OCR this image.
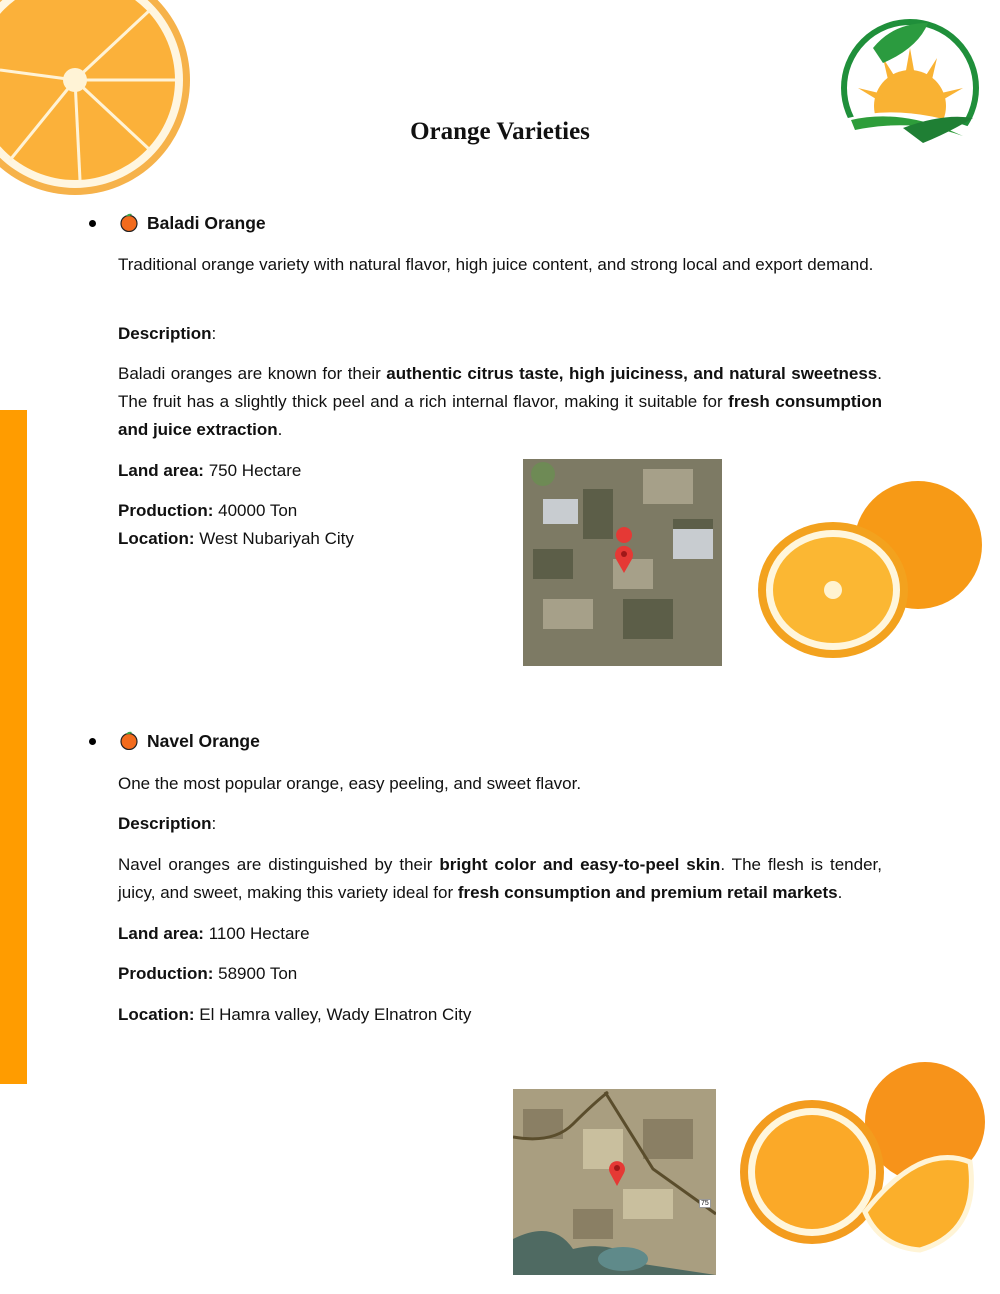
Orange Varieties
Baladi Orange
Traditional orange variety with natural flavor, high juice content, and strong local and export demand.
Description:
Baladi oranges are known for their authentic citrus taste, high juiciness, and natural sweetness. The fruit has a slightly thick peel and a rich internal flavor, making it suitable for fresh consumption and juice extraction.
Land area: 750 Hectare
Production: 40000 Ton
Location: West Nubariyah City
Navel Orange
One the most popular orange, easy peeling, and sweet flavor.
Description:
Navel oranges are distinguished by their bright color and easy-to-peel skin. The flesh is tender, juicy, and sweet, making this variety ideal for fresh consumption and premium retail markets.
Land area: 1100 Hectare
Production: 58900 Ton
Location: El Hamra valley, Wady Elnatron City
75
